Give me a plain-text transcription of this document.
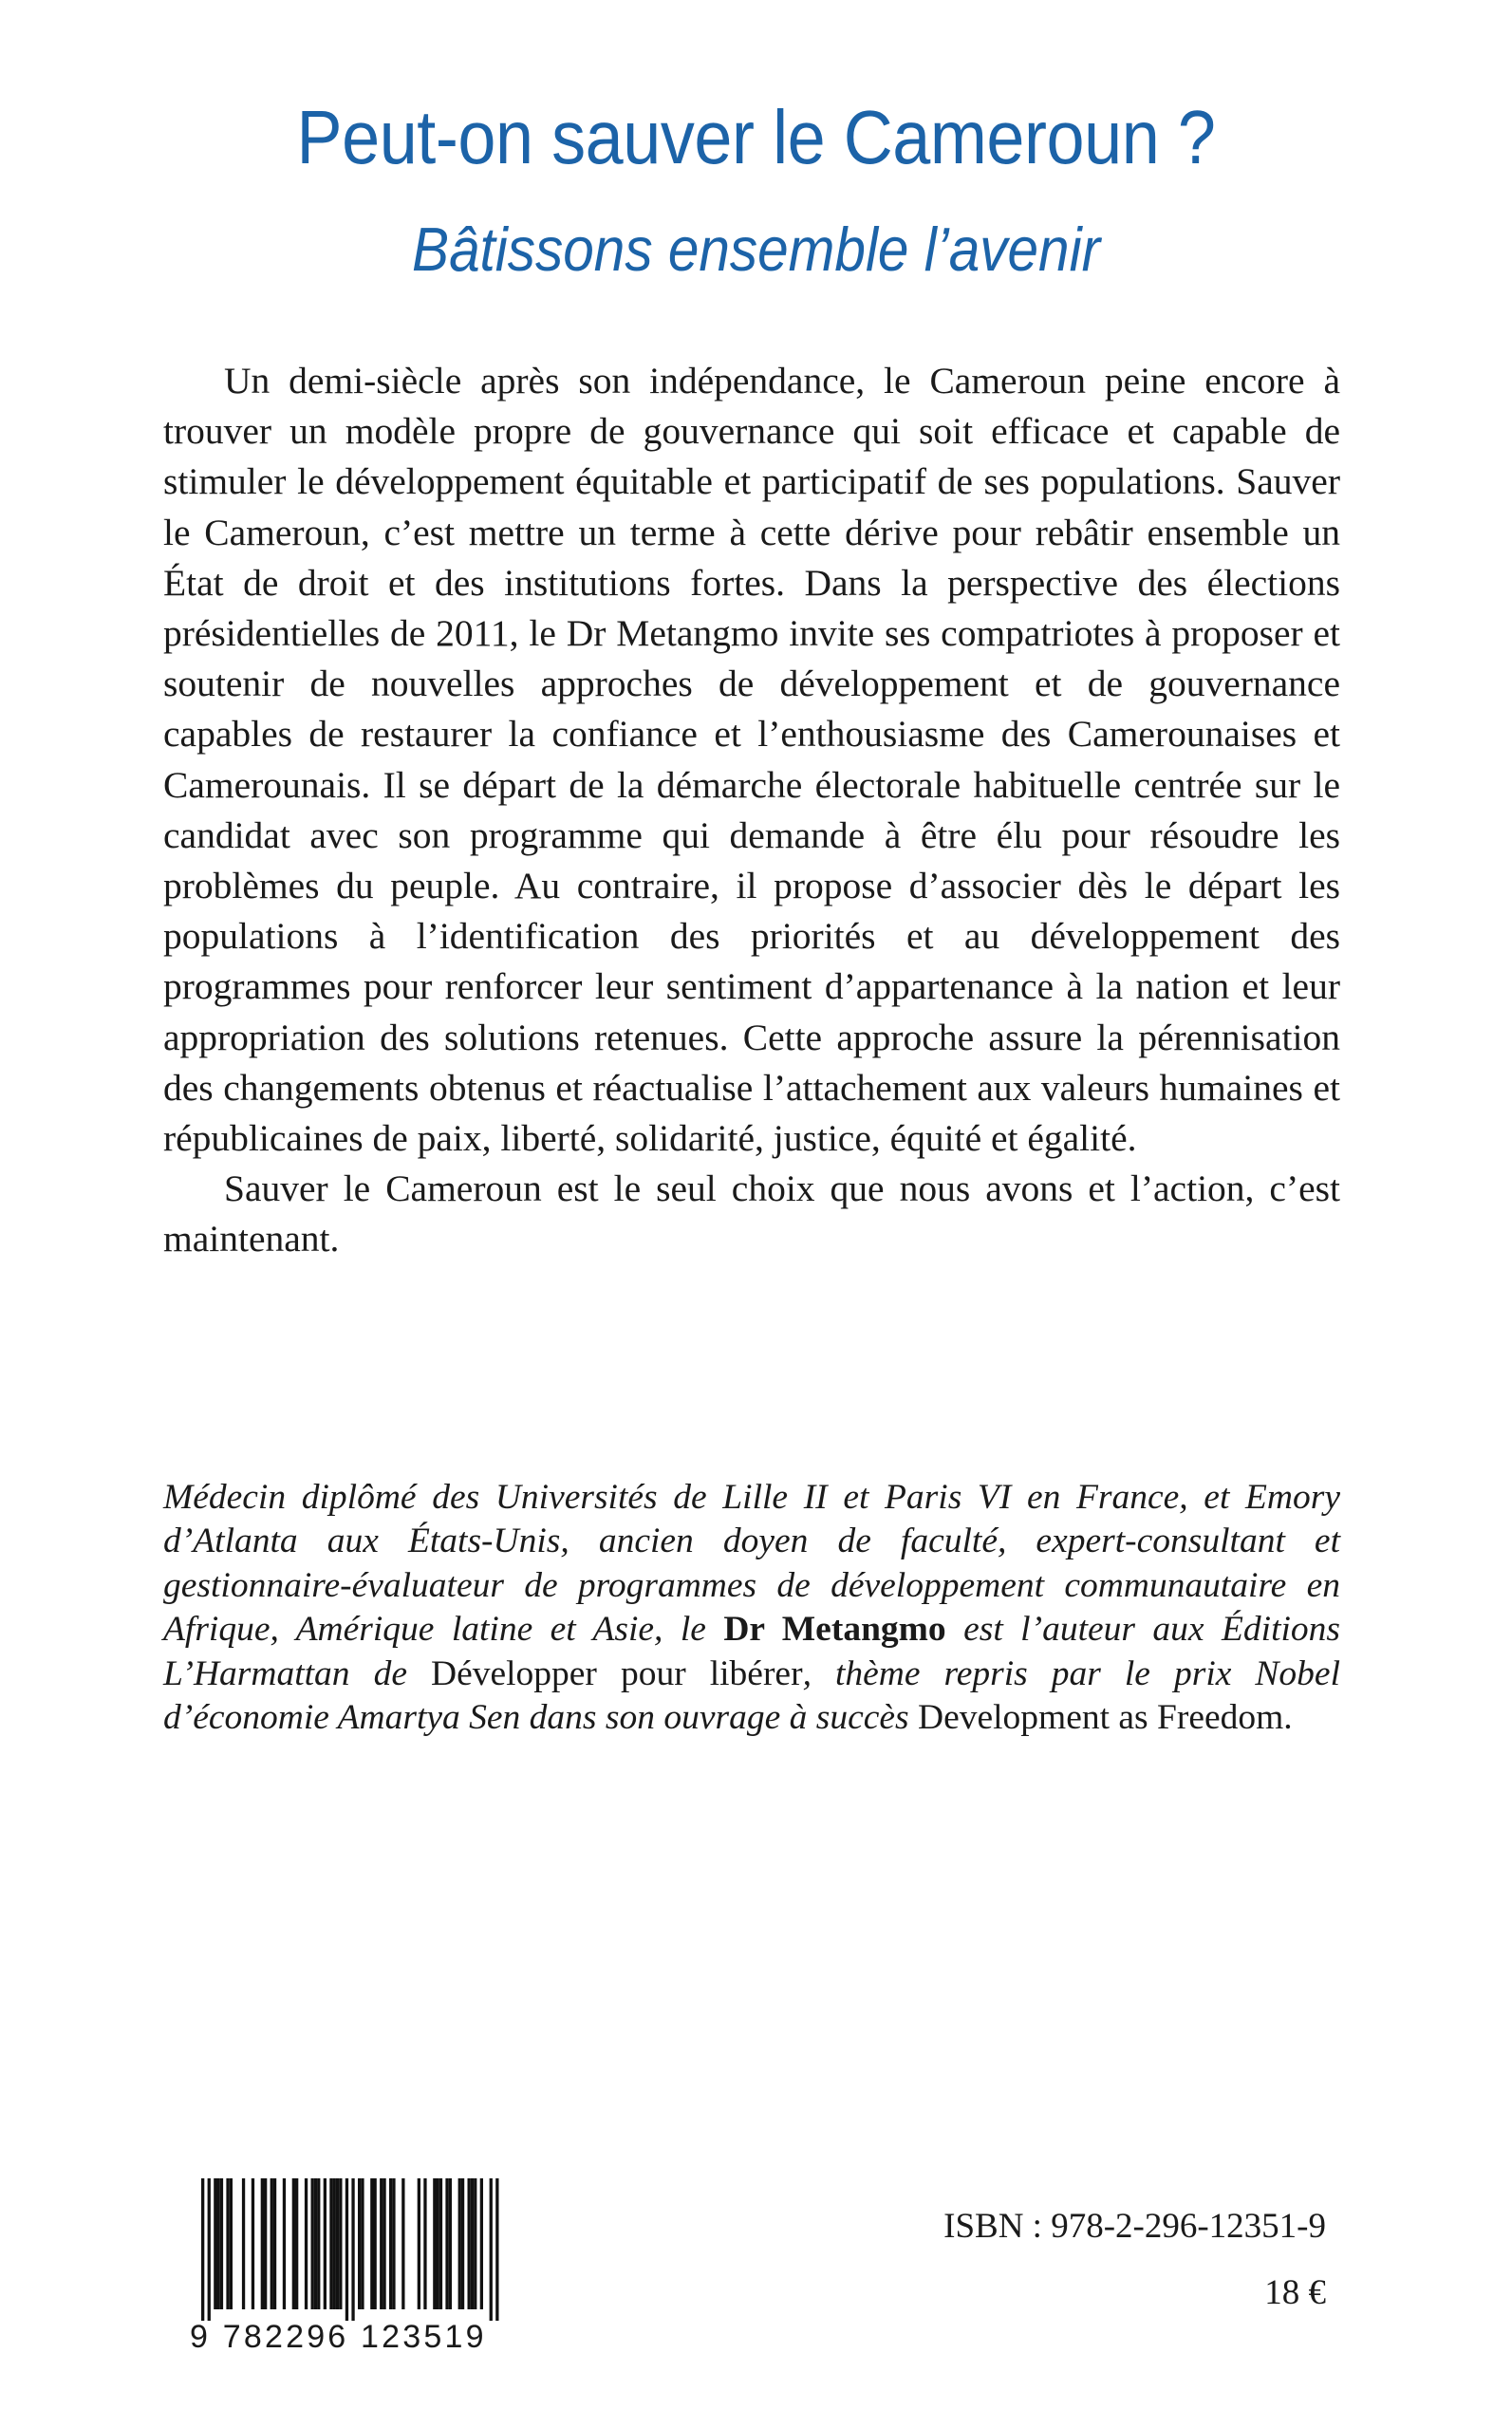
Peut-on sauver le Cameroun ?
Bâtissons ensemble l’avenir

Un demi-siècle après son indépendance, le Cameroun peine encore à trouver un modèle propre de gouvernance qui soit efficace et capable de stimuler le développement équitable et participatif de ses populations. Sauver le Cameroun, c’est mettre un terme à cette dérive pour rebâtir ensemble un État de droit et des institutions fortes. Dans la perspective des élections présidentielles de 2011, le Dr Metangmo invite ses compatriotes à proposer et soutenir de nouvelles approches de développement et de gouvernance capables de restaurer la confiance et l’enthousiasme des Camerounaises et Camerounais. Il se départ de la démarche électorale habituelle centrée sur le candidat avec son programme qui demande à être élu pour résoudre les problèmes du peuple. Au contraire, il propose d’associer dès le départ les populations à l’identification des priorités et au développement des programmes pour renforcer leur sentiment d’appartenance à la nation et leur appropriation des solutions retenues. Cette approche assure la pérennisation des changements obtenus et réactualise l’attachement aux valeurs humaines et républicaines de paix, liberté, solidarité, justice, équité et égalité.

Sauver le Cameroun est le seul choix que nous avons et l’action, c’est maintenant.

Médecin diplômé des Universités de Lille II et Paris VI en France, et Emory d’Atlanta aux États-Unis, ancien doyen de faculté, expert-consultant et gestionnaire-évaluateur de programmes de développement communautaire en Afrique, Amérique latine et Asie, le Dr Metangmo est l’auteur aux Éditions L’Harmattan de Développer pour libérer, thème repris par le prix Nobel d’économie Amartya Sen dans son ouvrage à succès Development as Freedom.

9 782296 123519
ISBN : 978-2-296-12351-9
18 €
